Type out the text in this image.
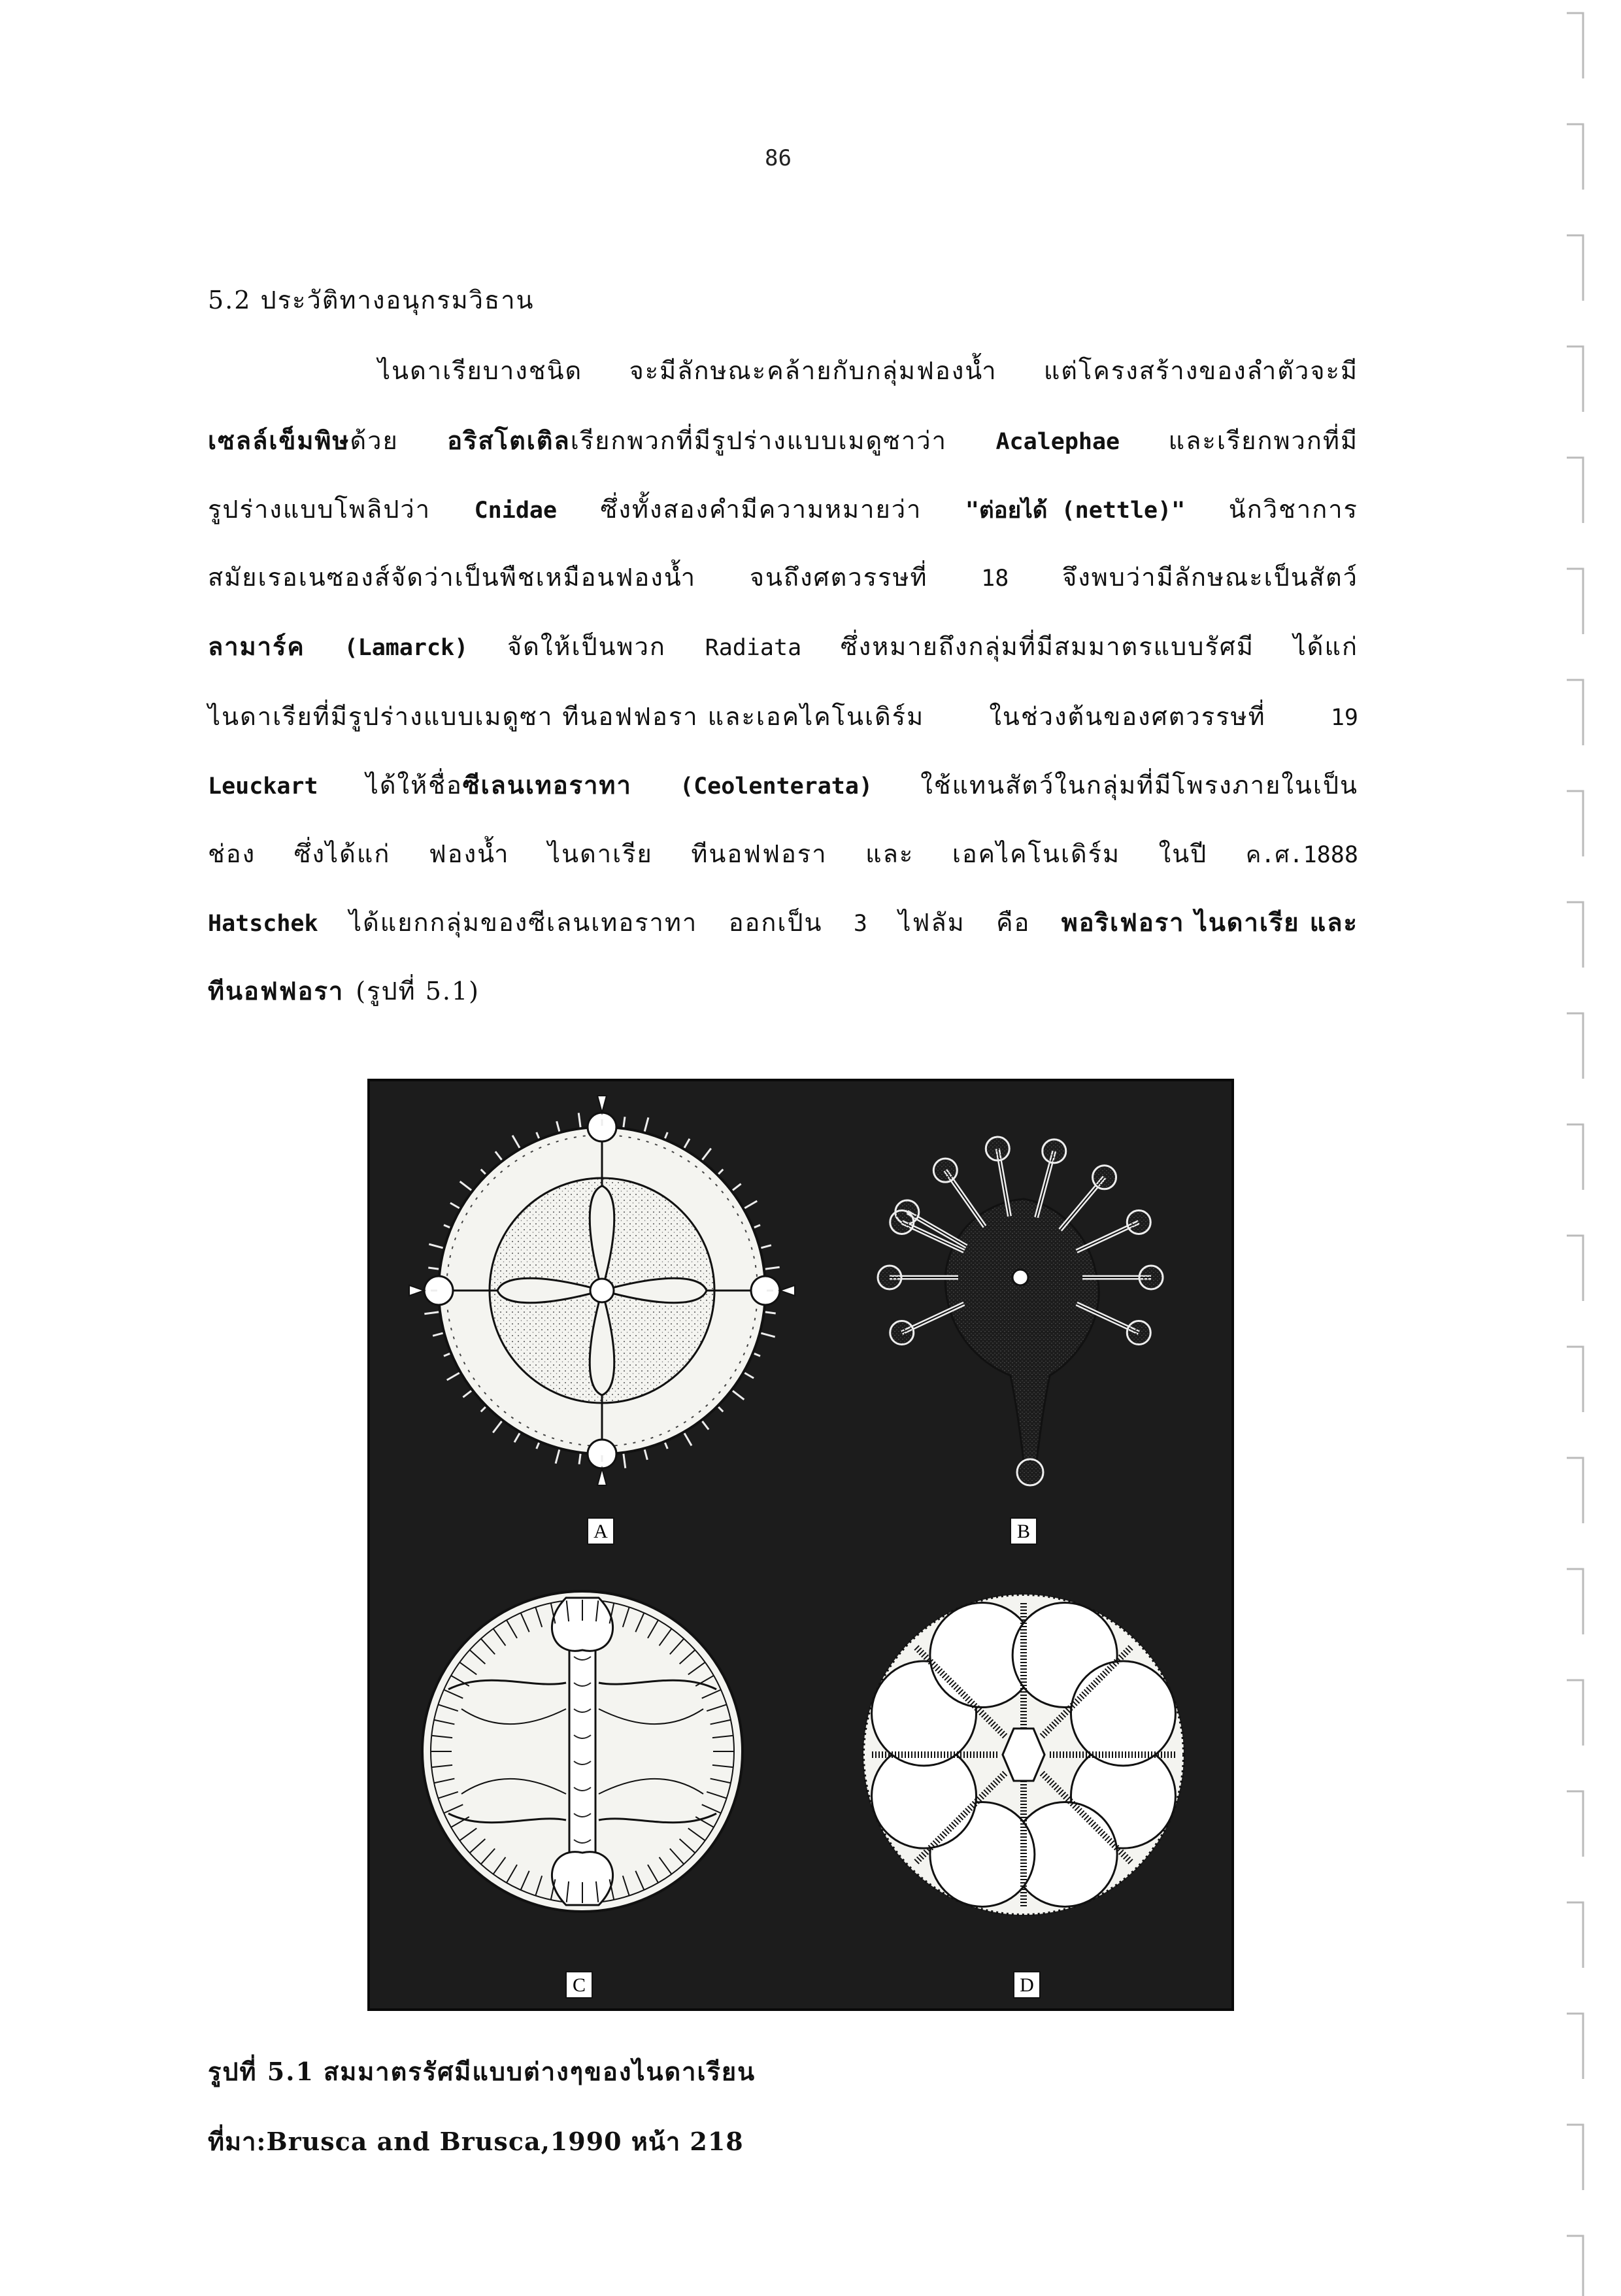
86
5.2 ประวัติทางอนุกรมวิธาน
ไนดาเรียบางชนิด จะมีลักษณะคล้ายกับกลุ่มฟองน้ำ แต่โครงสร้างของลำตัวจะมี
เซลล์เข็มพิษด้วย อริสโตเติลเรียกพวกที่มีรูปร่างแบบเมดูซาว่า Acalephae และเรียกพวกที่มี
รูปร่างแบบโพลิปว่า Cnidae ซึ่งทั้งสองคำมีความหมายว่า "ต่อยได้ (nettle)" นักวิชาการ
สมัยเรอเนซองส์จัดว่าเป็นพืชเหมือนฟองน้ำ จนถึงศตวรรษที่ 18 จึงพบว่ามีลักษณะเป็นสัตว์
ลามาร์ค (Lamarck) จัดให้เป็นพวก Radiata ซึ่งหมายถึงกลุ่มที่มีสมมาตรแบบรัศมี ได้แก่
ไนดาเรียที่มีรูปร่างแบบเมดูซา ทีนอฟฟอรา และเอคไคโนเดิร์ม	ในช่วงต้นของศตวรรษที่	19
Leuckart ได้ให้ชื่อซีเลนเทอราทา (Ceolenterata) ใช้แทนสัตว์ในกลุ่มที่มีโพรงภายในเป็น
ช่อง ซึ่งได้แก่ ฟองน้ำ ไนดาเรีย ทีนอฟฟอรา และ เอคไคโนเดิร์ม ในปี ค.ศ.1888
Hatschek ได้แยกกลุ่มของซีเลนเทอราทา ออกเป็น 3 ไฟลัม คือ พอริเฟอรา ไนดาเรีย และ
ทีนอฟฟอรา (รูปที่ 5.1)
A	B
C	D
รูปที่ 5.1 สมมาตรรัศมีแบบต่างๆของไนดาเรียน
ที่มา:Brusca and Brusca,1990 หน้า 218
